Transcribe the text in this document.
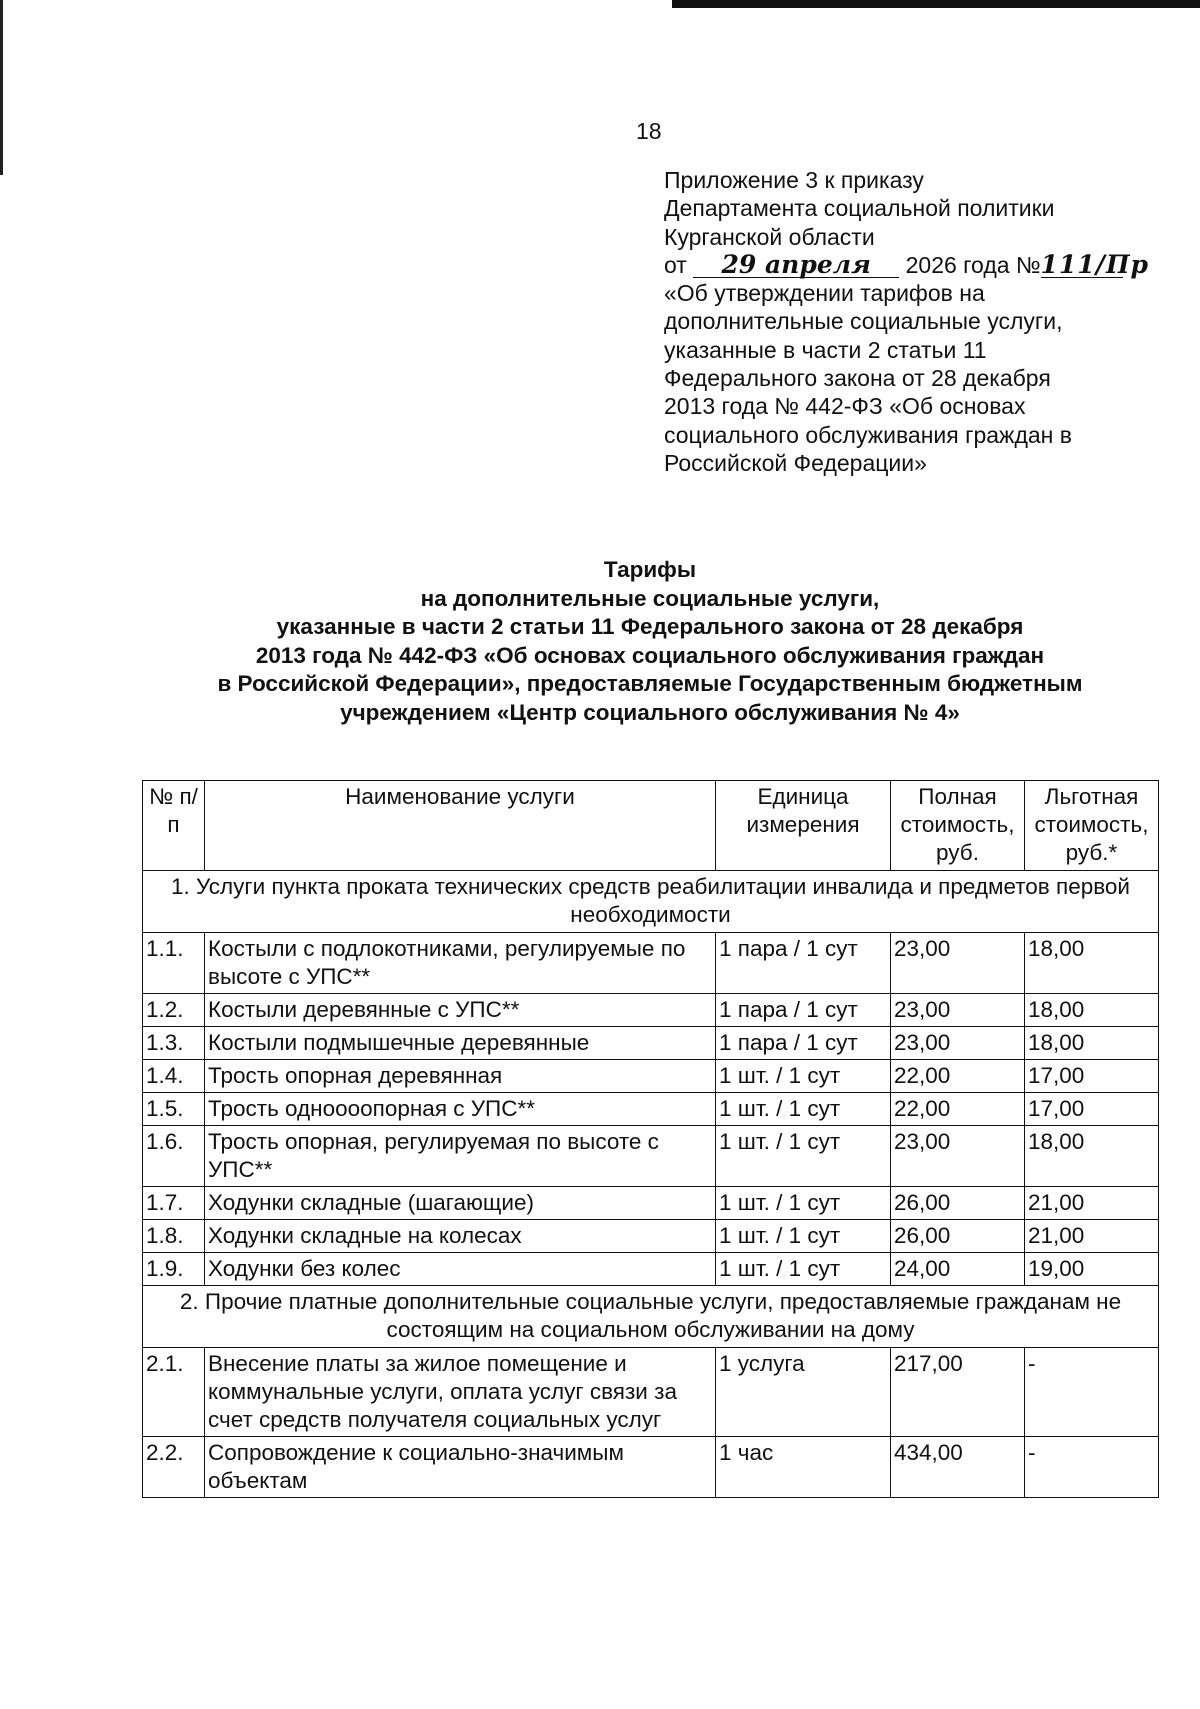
18
Приложение 3 к приказу
Департамента социальной политики
Курганской области
от 29 апреля 2026 года №111/Пр
«Об утверждении тарифов на
дополнительные социальные услуги,
указанные в части 2 статьи 11
Федерального закона от 28 декабря
2013 года № 442-ФЗ «Об основах
социального обслуживания граждан в
Российской Федерации»
Тарифы
на дополнительные социальные услуги,
указанные в части 2 статьи 11 Федерального закона от 28 декабря
2013 года № 442-ФЗ «Об основах социального обслуживания граждан
в Российской Федерации», предоставляемые Государственным бюджетным
учреждением «Центр социального обслуживания № 4»
№ п/п	Наименование услуги	Единица измерения	Полная стоимость, руб.	Льготная стоимость, руб.*
1. Услуги пункта проката технических средств реабилитации инвалида и предметов первой необходимости				
1.1.	Костыли с подлокотниками, регулируемые по высоте с УПС**	1 пара / 1 сут	23,00	18,00
1.2.	Костыли деревянные с УПС**	1 пара / 1 сут	23,00	18,00
1.3.	Костыли подмышечные деревянные	1 пара / 1 сут	23,00	18,00
1.4.	Трость опорная деревянная	1 шт. / 1 сут	22,00	17,00
1.5.	Трость одноооопорная с УПС**	1 шт. / 1 сут	22,00	17,00
1.6.	Трость опорная, регулируемая по высоте с УПС**	1 шт. / 1 сут	23,00	18,00
1.7.	Ходунки складные (шагающие)	1 шт. / 1 сут	26,00	21,00
1.8.	Ходунки складные на колесах	1 шт. / 1 сут	26,00	21,00
1.9.	Ходунки без колес	1 шт. / 1 сут	24,00	19,00
2. Прочие платные дополнительные социальные услуги, предоставляемые гражданам не состоящим на социальном обслуживании на дому				
2.1.	Внесение платы за жилое помещение и коммунальные услуги, оплата услуг связи за счет средств получателя социальных услуг	1 услуга	217,00	-
2.2.	Сопровождение к социально-значимым объектам	1 час	434,00	-
